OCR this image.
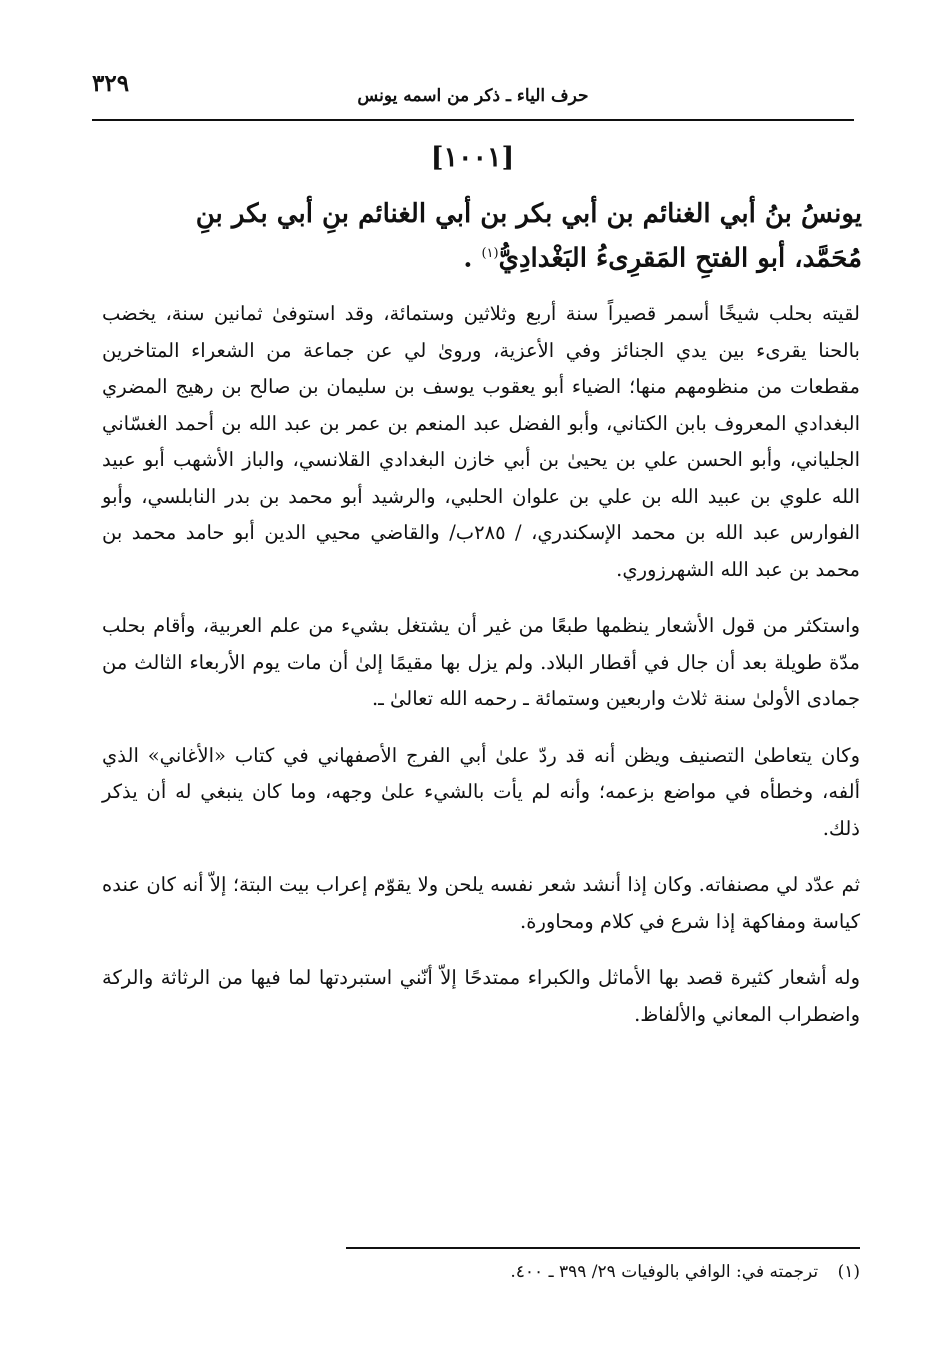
٣٢٩	حرف الياء ـ ذكر من اسمه يونس
[١٠٠١]
يونسُ بنُ أبي الغنائم بن أبي بكر بن أبي الغنائم بنِ أبي بكر بنِ
مُحَمَّد، أبو الفتحِ المَقرِىءُ البَغْدادِيُّ$^{(١)}$ .

لقيته بحلب شيخًا أسمر قصيراً سنة أربع وثلاثين وستمائة، وقد استوفىٰ ثمانين سنة، يخضب بالحنا يقرىء بين يدي الجنائز وفي الأعزية، وروىٰ لي عن جماعة من الشعراء المتاخرين مقطعات من منظومهم منها؛ الضياء أبو يعقوب يوسف بن سليمان بن صالح بن رهيج المضري البغدادي المعروف بابن الكتاني، وأبو الفضل عبد المنعم بن عمر بن عبد الله بن أحمد الغسّاني الجلياني، وأبو الحسن علي بن يحيىٰ بن أبي خازن البغدادي القلانسي، والباز الأشهب أبو عبيد الله علوي بن عبيد الله بن علي بن علوان الحلبي، والرشيد أبو محمد بن بدر النابلسي، وأبو الفوارس عبد الله بن محمد الإسكندري، / ٢٨٥ب/ والقاضي محيي الدين أبو حامد محمد بن محمد بن عبد الله الشهرزوري.

واستكثر من قول الأشعار ينظمها طبعًا من غير أن يشتغل بشيء من علم العربية، وأقام بحلب مدّة طويلة بعد أن جال في أقطار البلاد. ولم يزل بها مقيمًا إلىٰ أن مات يوم الأربعاء الثالث من جمادى الأولىٰ سنة ثلاث واربعين وستمائة ـ رحمه الله تعالىٰ ـ.

وكان يتعاطىٰ التصنيف ويظن أنه قد ردّ علىٰ أبي الفرج الأصفهاني في كتاب «الأغاني» الذي ألفه، وخطأه في مواضع بزعمه؛ وأنه لم يأت بالشيء علىٰ وجهه، وما كان ينبغي له أن يذكر ذلك.

ثم عدّد لي مصنفاته. وكان إذا أنشد شعر نفسه يلحن ولا يقوّم إعراب بيت البتة؛ إلاّ أنه كان عنده كياسة ومفاكهة إذا شرع في كلام ومحاورة.

وله أشعار كثيرة قصد بها الأماثل والكبراء ممتدحًا إلاّ أنّني استبردتها لما فيها من الرثاثة والركة واضطراب المعاني والألفاظ.

(١) ترجمته في: الوافي بالوفيات ٢٩/ ٣٩٩ ـ ٤٠٠.
